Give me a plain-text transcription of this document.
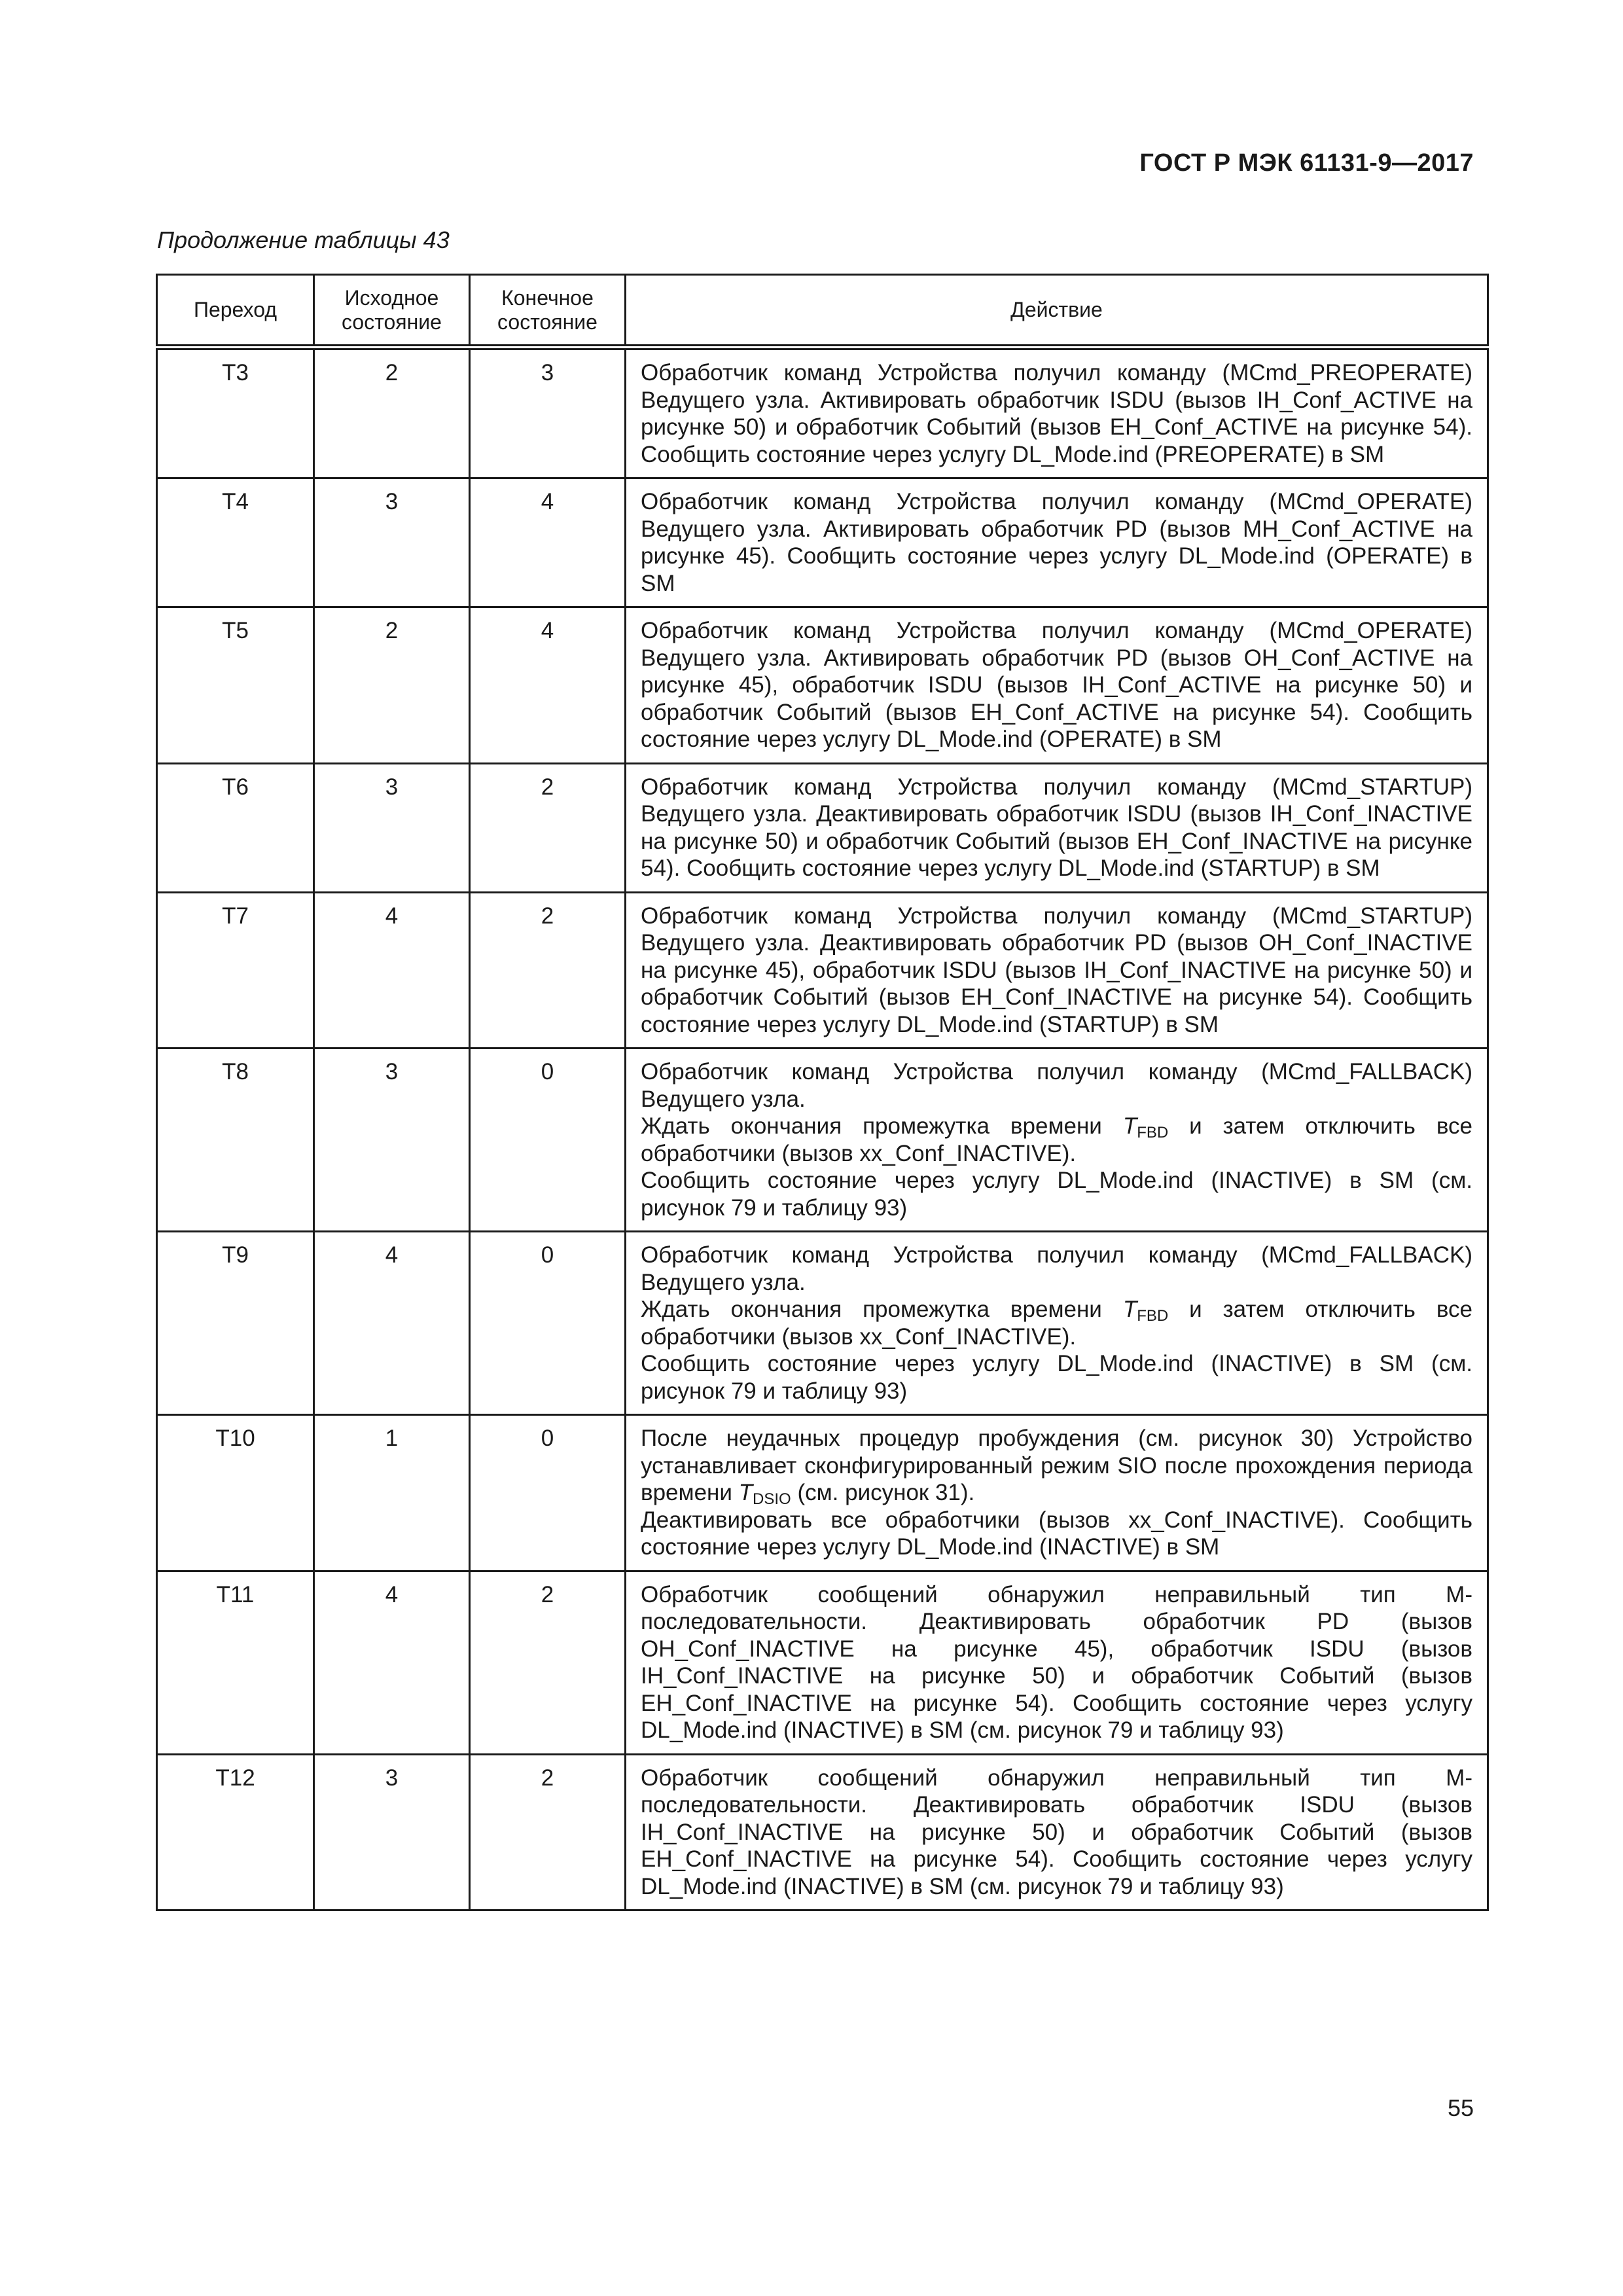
ГОСТ Р МЭК 61131-9—2017
Продолжение таблицы 43
Переход	Исходное состояние	Конечное состояние	Действие
T3	2	3	Обработчик команд Устройства получил команду (MCmd_PREOPERATE) Ведущего узла. Активировать обработчик ISDU (вызов IH_Conf_ACTIVE на рисунке 50) и обработчик Событий (вызов EH_Conf_ACTIVE на рисунке 54). Сообщить состояние через услугу DL_Mode.ind (PREOPERATE) в SM

T4	3	4	Обработчик команд Устройства получил команду (MCmd_OPERATE) Ведущего узла. Активировать обработчик PD (вызов MH_Conf_ACTIVE на рисунке 45). Сообщить состояние через услугу DL_Mode.ind (OPERATE) в SM

T5	2	4	Обработчик команд Устройства получил команду (MCmd_OPERATE) Ведущего узла. Активировать обработчик PD (вызов OH_Conf_ACTIVE на рисунке 45), обработчик ISDU (вызов IH_Conf_ACTIVE на рисунке 50) и обработчик Событий (вызов EH_Conf_ACTIVE на рисунке 54). Сообщить состояние через услугу DL_Mode.ind (OPERATE) в SM

T6	3	2	Обработчик команд Устройства получил команду (MCmd_STARTUP) Ведущего узла. Деактивировать обработчик ISDU (вызов IH_Conf_INACTIVE на рисунке 50) и обработчик Событий (вызов EH_Conf_INACTIVE на рисунке 54). Сообщить состояние через услугу DL_Mode.ind (STARTUP) в SM

T7	4	2	Обработчик команд Устройства получил команду (MCmd_STARTUP) Ведущего узла. Деактивировать обработчик PD (вызов OH_Conf_INACTIVE на рисунке 45), обработчик ISDU (вызов IH_Conf_INACTIVE на рисунке 50) и обработчик Событий (вызов EH_Conf_INACTIVE на рисунке 54). Сообщить состояние через услугу DL_Mode.ind (STARTUP) в SM

T8	3	0	Обработчик команд Устройства получил команду (MCmd_FALLBACK) Ведущего узла.
Ждать окончания промежутка времени $T_{FBD}$ и затем отключить все обработчики (вызов xx_Conf_INACTIVE).
Сообщить состояние через услугу DL_Mode.ind (INACTIVE) в SM (см. рисунок 79 и таблицу 93)

T9	4	0	Обработчик команд Устройства получил команду (MCmd_FALLBACK) Ведущего узла.
Ждать окончания промежутка времени $T_{FBD}$ и затем отключить все обработчики (вызов xx_Conf_INACTIVE).
Сообщить состояние через услугу DL_Mode.ind (INACTIVE) в SM (см. рисунок 79 и таблицу 93)

T10	1	0	После неудачных процедур пробуждения (см. рисунок 30) Устройство устанавливает сконфигурированный режим SIO после прохождения периода времени $T_{DSIO}$ (см. рисунок 31).
Деактивировать все обработчики (вызов xx_Conf_INACTIVE). Сообщить состояние через услугу DL_Mode.ind (INACTIVE) в SM

T11	4	2	Обработчик сообщений обнаружил неправильный тип M-последовательности. Деактивировать обработчик PD (вызов OH_Conf_INACTIVE на рисунке 45), обработчик ISDU (вызов IH_Conf_INACTIVE на рисунке 50) и обработчик Событий (вызов EH_Conf_INACTIVE на рисунке 54). Сообщить состояние через услугу DL_Mode.ind (INACTIVE) в SM (см. рисунок 79 и таблицу 93)

T12	3	2	Обработчик сообщений обнаружил неправильный тип M-последовательности. Деактивировать обработчик ISDU (вызов IH_Conf_INACTIVE на рисунке 50) и обработчик Событий (вызов EH_Conf_INACTIVE на рисунке 54). Сообщить состояние через услугу DL_Mode.ind (INACTIVE) в SM (см. рисунок 79 и таблицу 93)
55
